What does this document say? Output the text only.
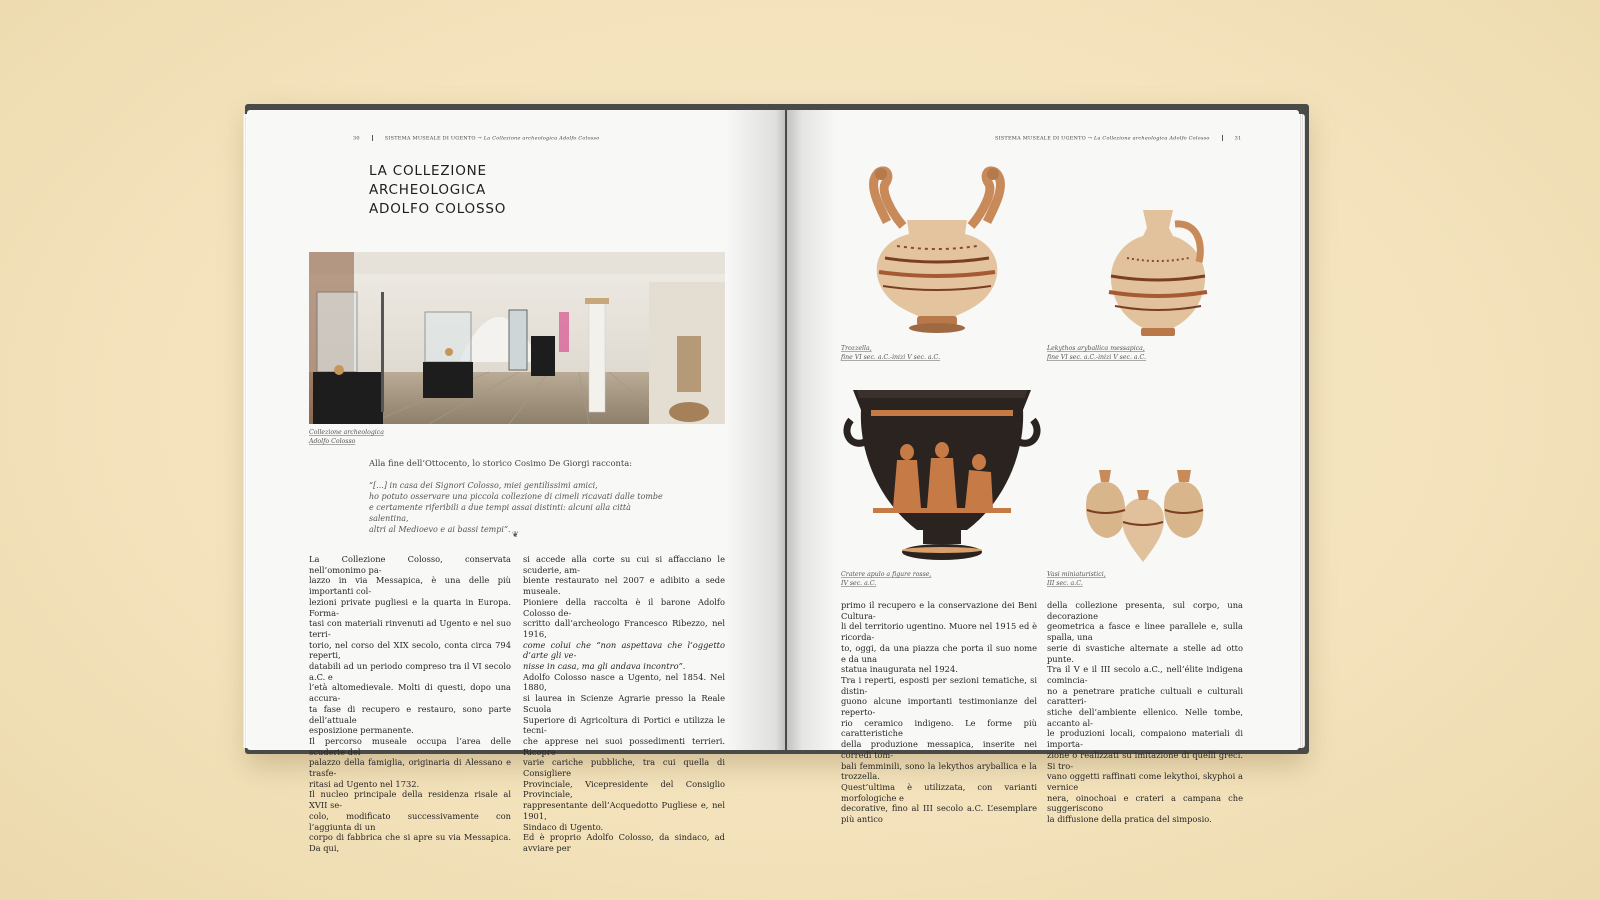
30	SISTEMA MUSEALE DI UGENTO → La Collezione archeologica Adolfo Colosso
LA COLLEZIONE
ARCHEOLOGICA
ADOLFO COLOSSO
Collezione archeologica
Adolfo Colosso
Alla fine dell’Ottocento, lo storico Cosimo De Giorgi racconta:
“[...] in casa dei Signori Colosso, miei gentilissimi amici,
ho potuto osservare una piccola collezione di cimeli ricavati dalle tombe
e certamente riferibili a due tempi assai distinti: alcuni alla città salentina,
altri al Medioevo e ai bassi tempi”.
❦
La Collezione Colosso, conservata nell’omonimo pa-
lazzo in via Messapica, è una delle più importanti col-
lezioni private pugliesi e la quarta in Europa. Forma-
tasi con materiali rinvenuti ad Ugento e nel suo terri-
torio, nel corso del XIX secolo, conta circa 794 reperti,
databili ad un periodo compreso tra il VI secolo a.C. e
l’età altomedievale. Molti di questi, dopo una accura-
ta fase di recupero e restauro, sono parte dell’attuale
esposizione permanente.
Il percorso museale occupa l’area delle scuderie del
palazzo della famiglia, originaria di Alessano e trasfe-
ritasi ad Ugento nel 1732.
Il nucleo principale della residenza risale al XVII se-
colo, modificato successivamente con l’aggiunta di un
corpo di fabbrica che si apre su via Messapica. Da qui,
si accede alla corte su cui si affacciano le scuderie, am-
biente restaurato nel 2007 e adibito a sede museale.
Pioniere della raccolta è il barone Adolfo Colosso de-
scritto dall’archeologo Francesco Ribezzo, nel 1916,
come colui che “non aspettava che l’oggetto d’arte gli ve-
nisse in casa, ma gli andava incontro”.
Adolfo Colosso nasce a Ugento, nel 1854. Nel 1880,
si laurea in Scienze Agrarie presso la Reale Scuola
Superiore di Agricoltura di Portici e utilizza le tecni-
che apprese nei suoi possedimenti terrieri. Ricopre
varie cariche pubbliche, tra cui quella di Consigliere
Provinciale, Vicepresidente del Consiglio Provinciale,
rappresentante dell’Acquedotto Pugliese e, nel 1901,
Sindaco di Ugento.
Ed è proprio Adolfo Colosso, da sindaco, ad avviare per
SISTEMA MUSEALE DI UGENTO → La Collezione archeologica Adolfo Colosso	31
Trozzella,
fine VI sec. a.C.-inizi V sec. a.C.
Lekythos aryballica messapica,
fine VI sec. a.C.-inizi V sec. a.C.
Cratere apulo a figure rosse,
IV sec. a.C.
Vasi miniaturistici,
III sec. a.C.
primo il recupero e la conservazione dei Beni Cultura-
li del territorio ugentino. Muore nel 1915 ed è ricorda-
to, oggi, da una piazza che porta il suo nome e da una
statua inaugurata nel 1924.
Tra i reperti, esposti per sezioni tematiche, si distin-
guono alcune importanti testimonianze del reperto-
rio ceramico indigeno. Le forme più caratteristiche
della produzione messapica, inserite nei corredi tom-
bali femminili, sono la lekythos aryballica e la trozzella.
Quest’ultima è utilizzata, con varianti morfologiche e
decorative, fino al III secolo a.C. L’esemplare più antico
della collezione presenta, sul corpo, una decorazione
geometrica a fasce e linee parallele e, sulla spalla, una
serie di svastiche alternate a stelle ad otto punte.
Tra il V e il III secolo a.C., nell’élite indigena comincia-
no a penetrare pratiche cultuali e culturali caratteri-
stiche dell’ambiente ellenico. Nelle tombe, accanto al-
le produzioni locali, compaiono materiali di importa-
zione o realizzati su imitazione di quelli greci. Si tro-
vano oggetti raffinati come lekythoi, skyphoi a vernice
nera, oinochoai e crateri a campana che suggeriscono
la diffusione della pratica del simposio.
